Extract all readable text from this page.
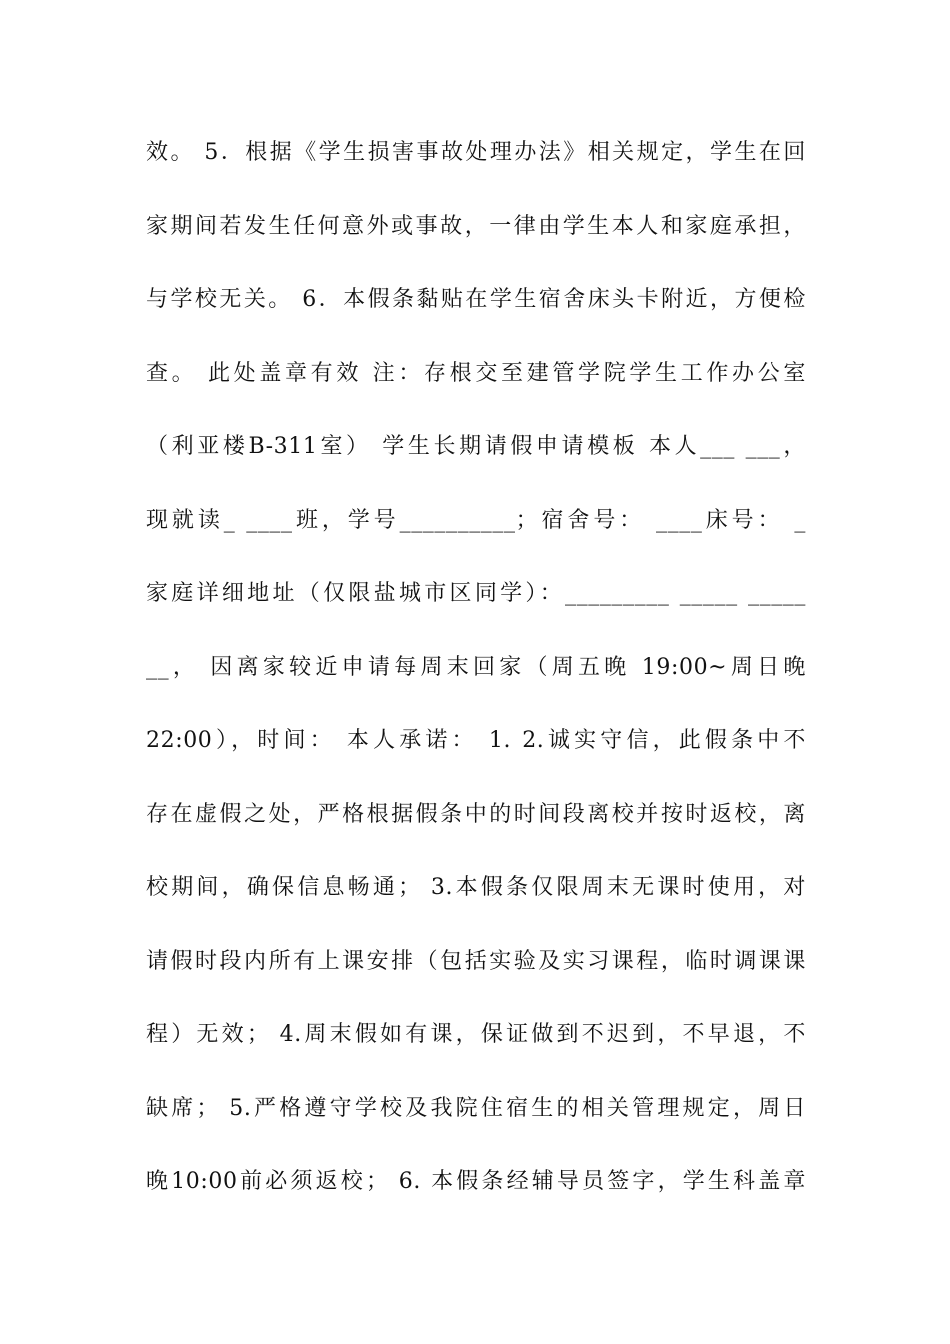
效。 5．根据《学生损害事故处理办法》相关规定，学生在回
家期间若发生任何意外或事故，一律由学生本人和家庭承担，
与学校无关。 6．本假条黏贴在学生宿舍床头卡附近，方便检
查。 此处盖章有效 注：存根交至建管学院学生工作办公室
（利亚楼B-311室） 学生长期请假申请模板 本人___ ___，
现就读_ ____班，学号__________；宿舍号： ____床号： _
家庭详细地址（仅限盐城市区同学）：_________ _____ _____
__， 因离家较近申请每周末回家（周五晚 19:00~周日晚
22:00），时间： 本人承诺： 1. 2.诚实守信，此假条中不
存在虚假之处，严格根据假条中的时间段离校并按时返校，离
校期间，确保信息畅通； 3.本假条仅限周末无课时使用，对
请假时段内所有上课安排（包括实验及实习课程，临时调课课
程）无效； 4.周末假如有课，保证做到不迟到，不早退，不
缺席； 5.严格遵守学校及我院住宿生的相关管理规定，周日
晚10:00前必须返校； 6. 本假条经辅导员签字，学生科盖章
